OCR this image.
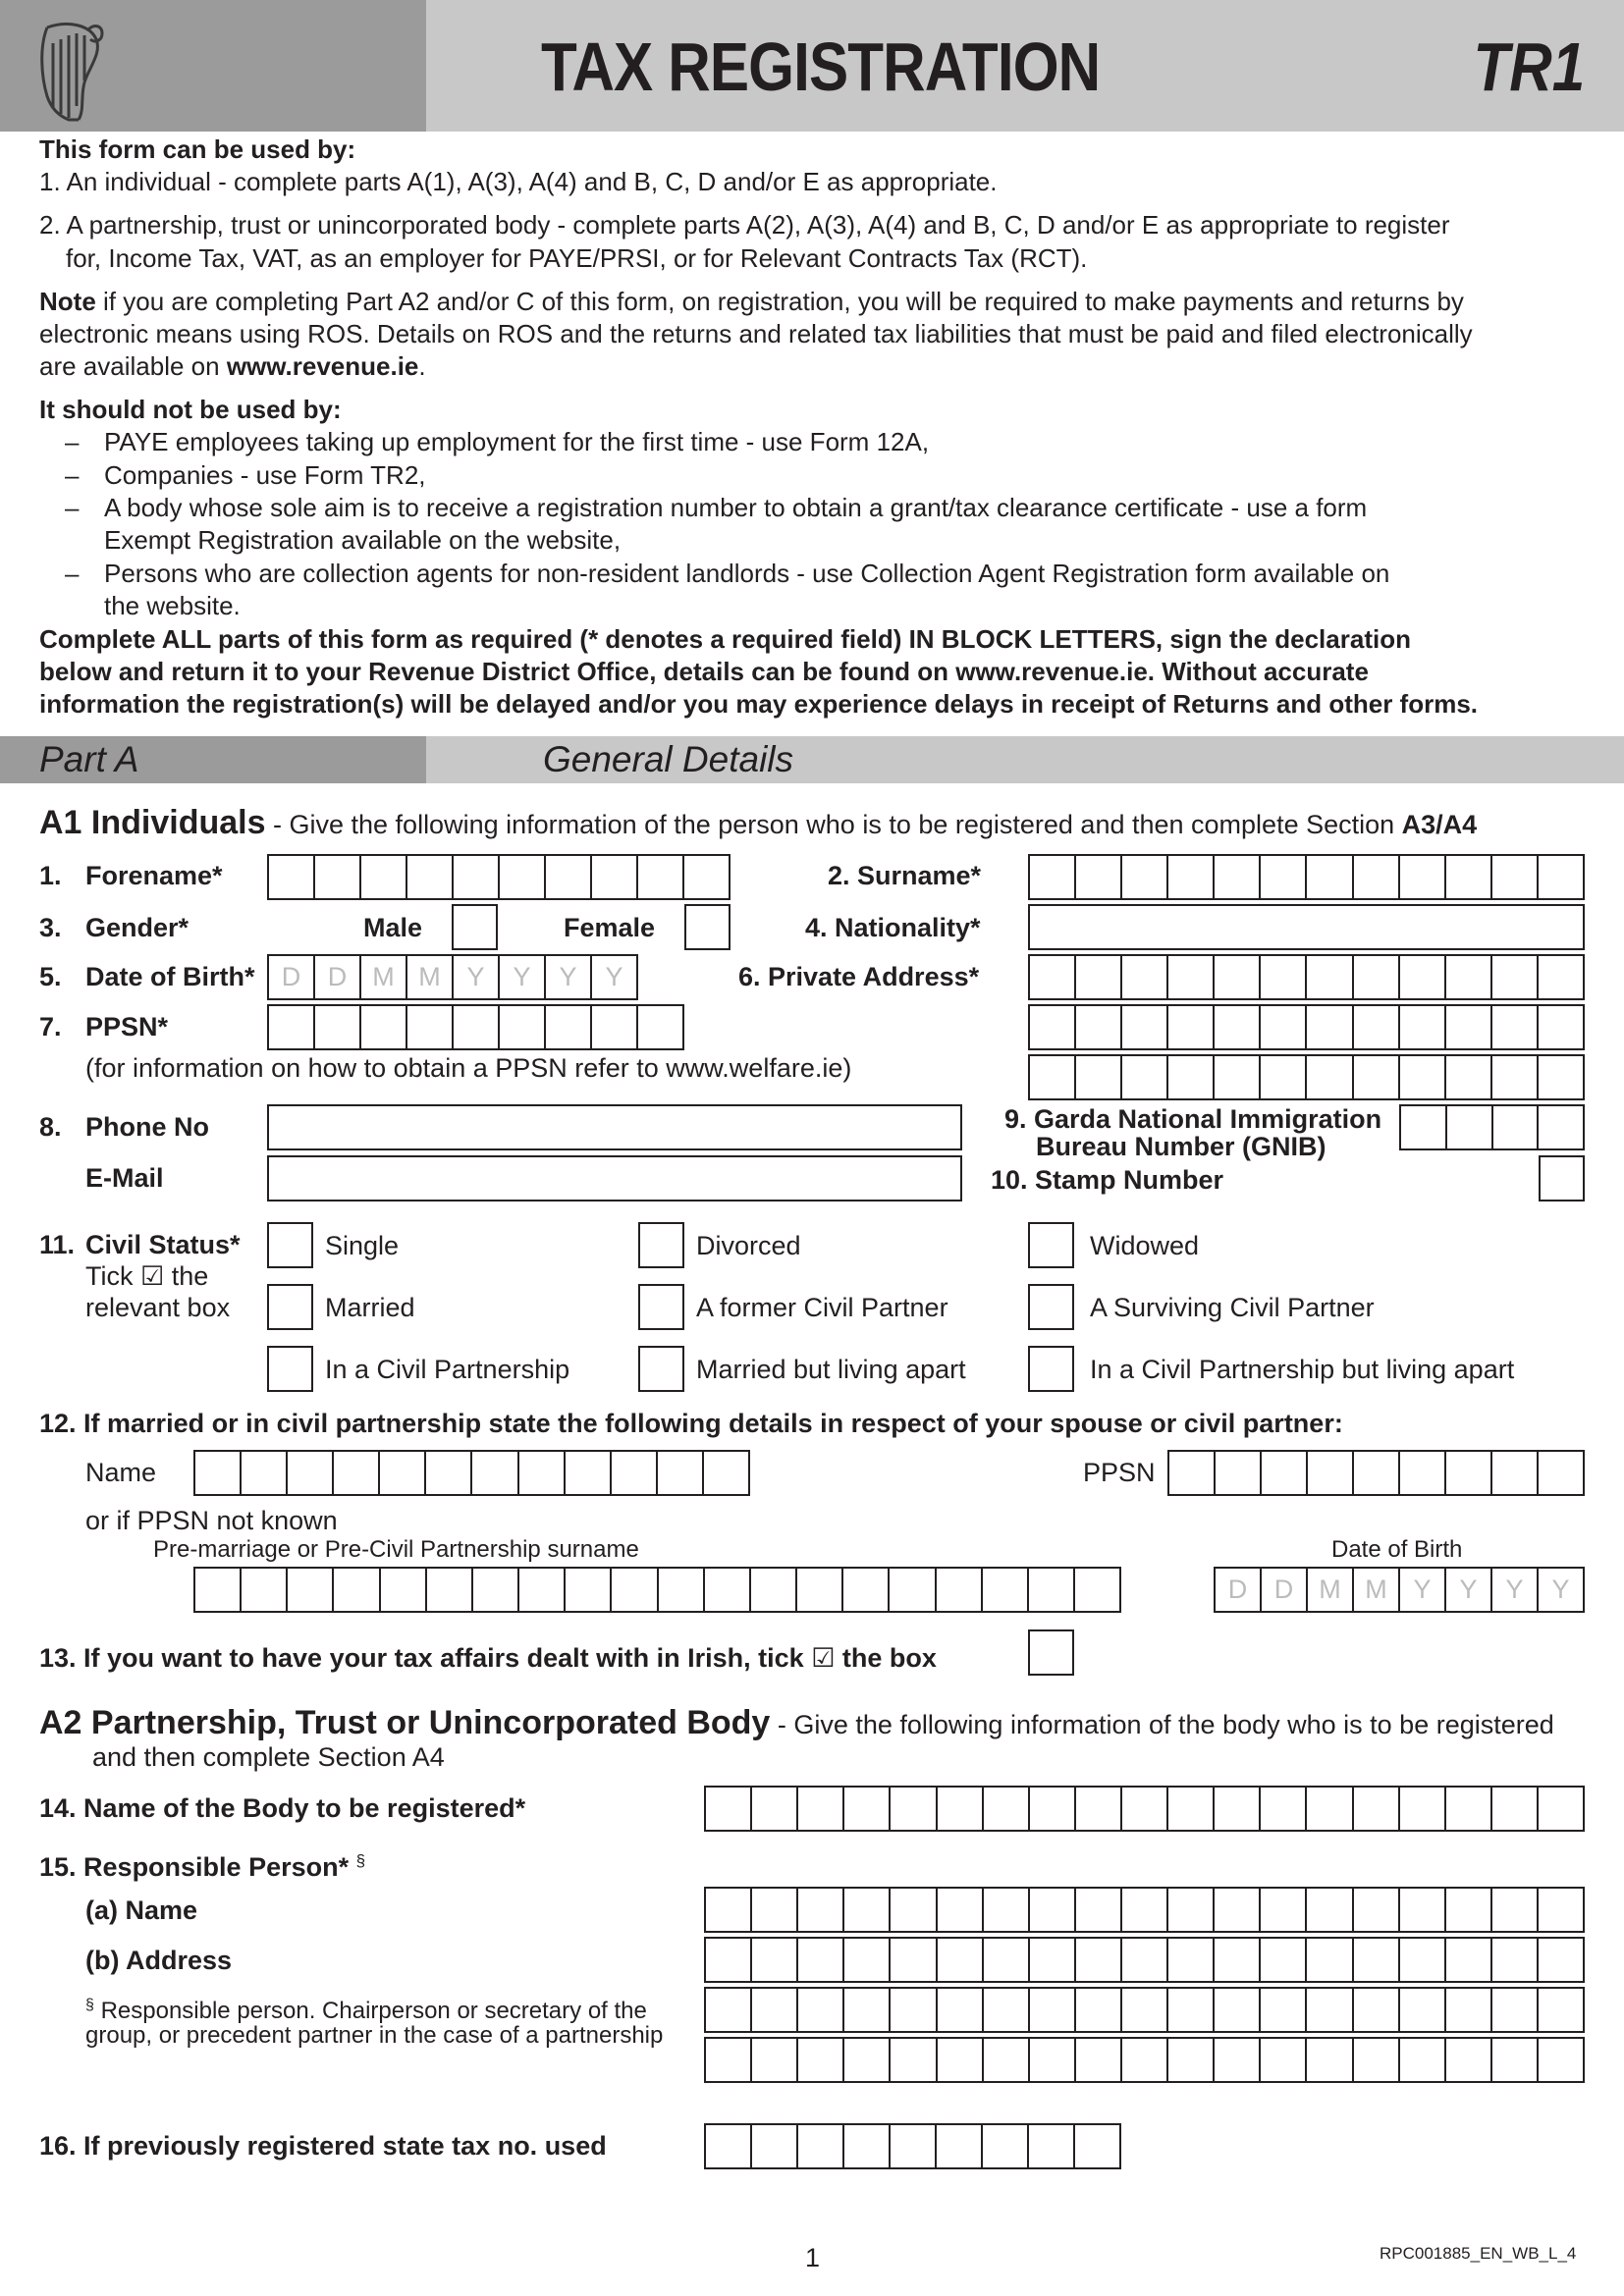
TAX REGISTRATION	TR1
This form can be used by:
1. An individual - complete parts A(1), A(3), A(4) and B, C, D and/or E as appropriate.
2. A partnership, trust or unincorporated body - complete parts A(2), A(3), A(4) and B, C, D and/or E as appropriate to register
for, Income Tax, VAT, as an employer for PAYE/PRSI, or for Relevant Contracts Tax (RCT).
Note if you are completing Part A2 and/or C of this form, on registration, you will be required to make payments and returns by
electronic means using ROS. Details on ROS and the returns and related tax liabilities that must be paid and filed electronically
are available on www.revenue.ie.
It should not be used by:
– PAYE employees taking up employment for the first time - use Form 12A,
– Companies - use Form TR2,
– A body whose sole aim is to receive a registration number to obtain a grant/tax clearance certificate - use a form
Exempt Registration available on the website,
– Persons who are collection agents for non-resident landlords - use Collection Agent Registration form available on
the website.
Complete ALL parts of this form as required (* denotes a required field) IN BLOCK LETTERS, sign the declaration
below and return it to your Revenue District Office, details can be found on www.revenue.ie. Without accurate
information the registration(s) will be delayed and/or you may experience delays in receipt of Returns and other forms.
Part A	General Details
A1 Individuals - Give the following information of the person who is to be registered and then complete Section A3/A4
1. Forename*	2. Surname*
3. Gender*	Male	Female	4. Nationality*
5. Date of Birth*	D	D M M Y	Y	Y	Y	6. Private Address*
7. PPSN*
(for information on how to obtain a PPSN refer to www.welfare.ie)
8. Phone No
E-Mail
9. Garda National Immigration
Bureau Number (GNIB)
10. Stamp Number
11. Civil Status*
Tick ☑ the
relevant box
Single	Divorced	Widowed
Married	A former Civil Partner	A Surviving Civil Partner
In a Civil Partnership	Married but living apart	In a Civil Partnership but living apart
12. If married or in civil partnership state the following details in respect of your spouse or civil partner:
Name	PPSN
or if PPSN not known
Pre-marriage or Pre-Civil Partnership surname	Date of Birth
D	D M M Y	Y	Y	Y
13. If you want to have your tax affairs dealt with in Irish, tick ☑ the box
A2 Partnership, Trust or Unincorporated Body - Give the following information of the body who is to be registered
and then complete Section A4
14. Name of the Body to be registered*
15. Responsible Person* §
(a) Name
(b) Address
§ Responsible person. Chairperson or secretary of the
group, or precedent partner in the case of a partnership
16. If previously registered state tax no. used
1	RPC001885_EN_WB_L_4
